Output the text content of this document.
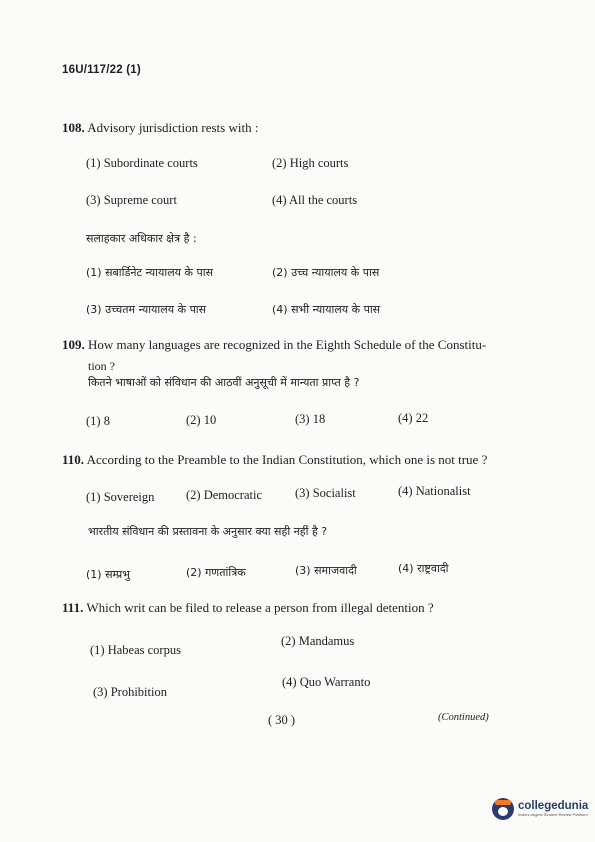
16U/117/22 (1)
108. Advisory jurisdiction rests with :
(1) Subordinate courts	(2) High courts
(3) Supreme court	(4) All the courts
सलाहकार अधिकार क्षेत्र है :
(1) सबार्डिनेट न्यायालय के पास	(2) उच्च न्यायालय के पास
(3) उच्चतम न्यायालय के पास	(4) सभी न्यायालय के पास
109. How many languages are recognized in the Eighth Schedule of the Constitu-
tion ?
कितने भाषाओं को संविधान की आठवीं अनुसूची में मान्यता प्राप्त है ?
(1) 8	(2) 10	(3) 18	(4) 22
110. According to the Preamble to the Indian Constitution, which one is not true ?
(1) Sovereign	(2) Democratic	(3) Socialist	(4) Nationalist
भारतीय संविधान की प्रस्तावना के अनुसार क्या सही नहीं है ?
(1) सम्प्रभु	(2) गणतांत्रिक	(3) समाजवादी	(4) राष्ट्रवादी
111. Which writ can be filed to release a person from illegal detention ?
(1) Habeas corpus
(2) Mandamus
(3) Prohibition
(4) Quo Warranto
( 30 )	(Continued)
collegedunia
India's largest Student Review Platform
